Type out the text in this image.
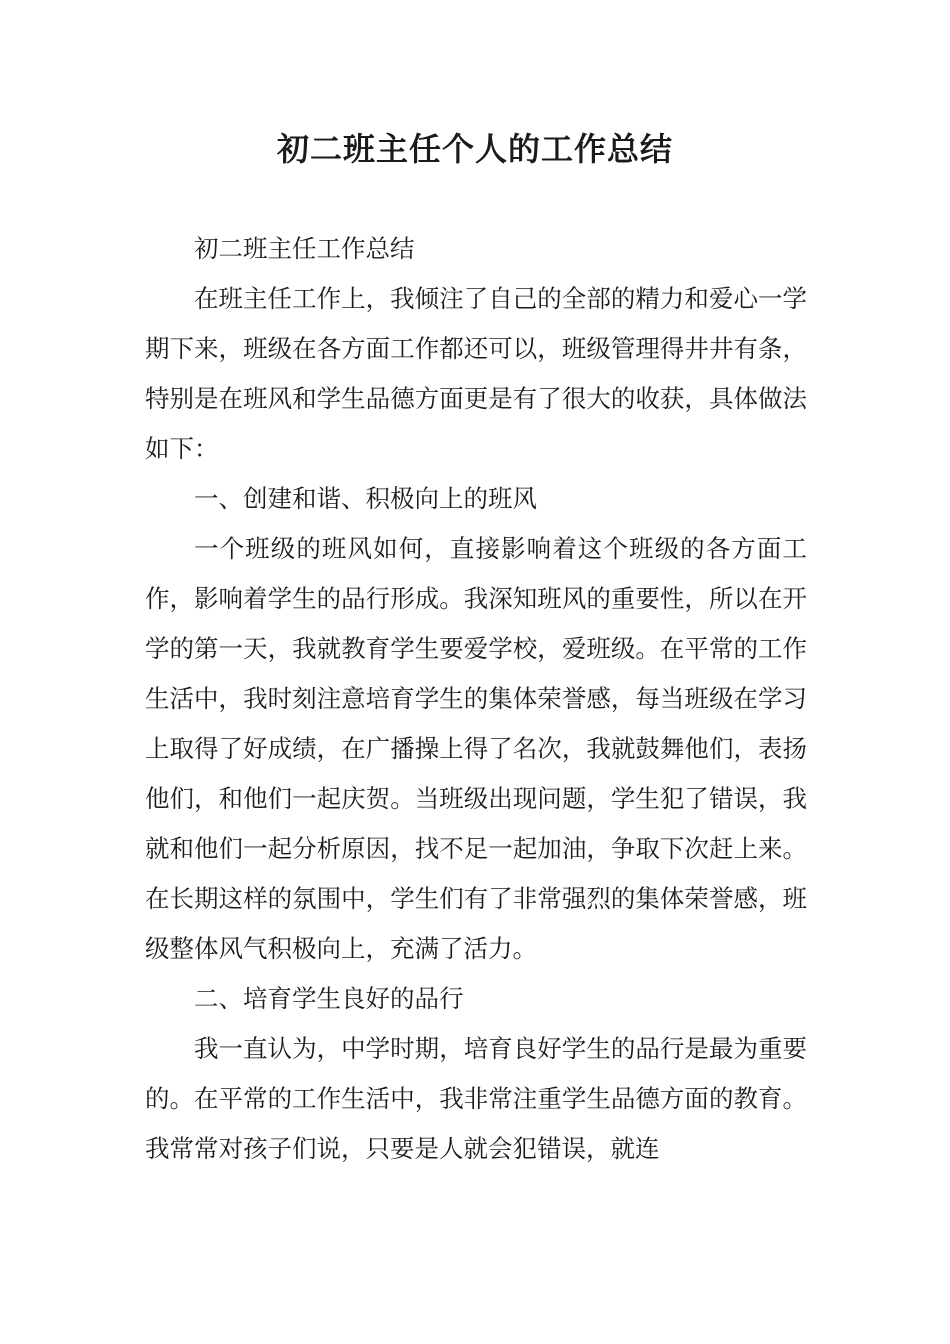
初二班主任个人的工作总结

初二班主任工作总结

在班主任工作上，我倾注了自己的全部的精力和爱心一学期下来，班级在各方面工作都还可以，班级管理得井井有条，特别是在班风和学生品德方面更是有了很大的收获，具体做法如下：

一、创建和谐、积极向上的班风

一个班级的班风如何，直接影响着这个班级的各方面工作，影响着学生的品行形成。我深知班风的重要性，所以在开学的第一天，我就教育学生要爱学校，爱班级。在平常的工作生活中，我时刻注意培育学生的集体荣誉感，每当班级在学习上取得了好成绩，在广播操上得了名次，我就鼓舞他们，表扬他们，和他们一起庆贺。当班级出现问题，学生犯了错误，我就和他们一起分析原因，找不足一起加油，争取下次赶上来。在长期这样的氛围中，学生们有了非常强烈的集体荣誉感，班级整体风气积极向上，充满了活力。

二、培育学生良好的品行

我一直认为，中学时期，培育良好学生的品行是最为重要的。在平常的工作生活中，我非常注重学生品德方面的教育。我常常对孩子们说，只要是人就会犯错误，就连
